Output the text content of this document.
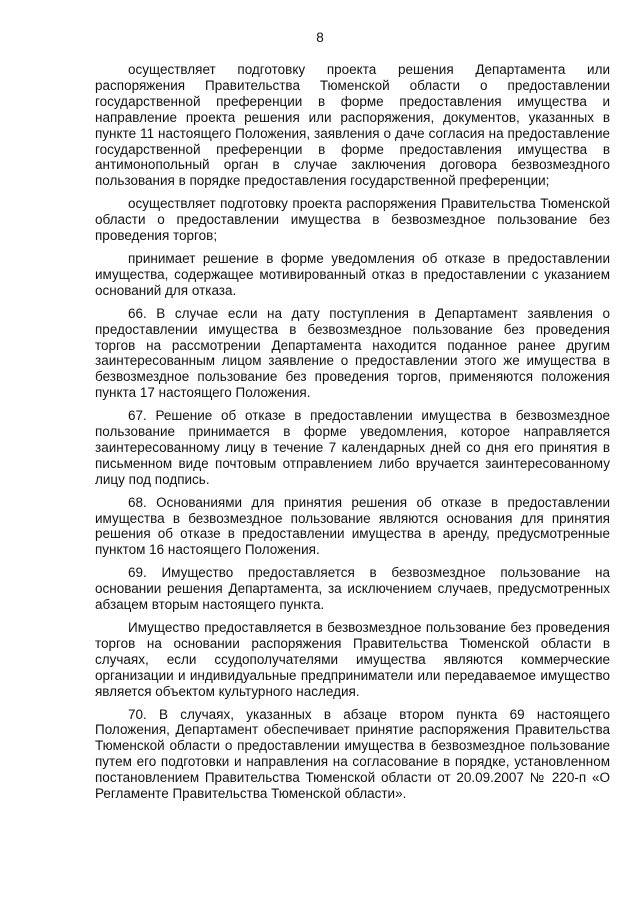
8

осуществляет подготовку проекта решения Департамента или распоряжения Правительства Тюменской области о предоставлении государственной преференции в форме предоставления имущества и направление проекта решения или распоряжения, документов, указанных в пункте 11 настоящего Положения, заявления о даче согласия на предоставление государственной преференции в форме предоставления имущества в антимонопольный орган в случае заключения договора безвозмездного пользования в порядке предоставления государственной преференции;

осуществляет подготовку проекта распоряжения Правительства Тюменской области о предоставлении имущества в безвозмездное пользование без проведения торгов;

принимает решение в форме уведомления об отказе в предоставлении имущества, содержащее мотивированный отказ в предоставлении с указанием оснований для отказа.

66. В случае если на дату поступления в Департамент заявления о предоставлении имущества в безвозмездное пользование без проведения торгов на рассмотрении Департамента находится поданное ранее другим заинтересованным лицом заявление о предоставлении этого же имущества в безвозмездное пользование без проведения торгов, применяются положения пункта 17 настоящего Положения.

67. Решение об отказе в предоставлении имущества в безвозмездное пользование принимается в форме уведомления, которое направляется заинтересованному лицу в течение 7 календарных дней со дня его принятия в письменном виде почтовым отправлением либо вручается заинтересованному лицу под подпись.

68. Основаниями для принятия решения об отказе в предоставлении имущества в безвозмездное пользование являются основания для принятия решения об отказе в предоставлении имущества в аренду, предусмотренные пунктом 16 настоящего Положения.

69. Имущество предоставляется в безвозмездное пользование на основании решения Департамента, за исключением случаев, предусмотренных абзацем вторым настоящего пункта.

Имущество предоставляется в безвозмездное пользование без проведения торгов на основании распоряжения Правительства Тюменской области в случаях, если ссудополучателями имущества являются коммерческие организации и индивидуальные предприниматели или передаваемое имущество является объектом культурного наследия.

70. В случаях, указанных в абзаце втором пункта 69 настоящего Положения, Департамент обеспечивает принятие распоряжения Правительства Тюменской области о предоставлении имущества в безвозмездное пользование путем его подготовки и направления на согласование в порядке, установленном постановлением Правительства Тюменской области от 20.09.2007 № 220-п «О Регламенте Правительства Тюменской области».
